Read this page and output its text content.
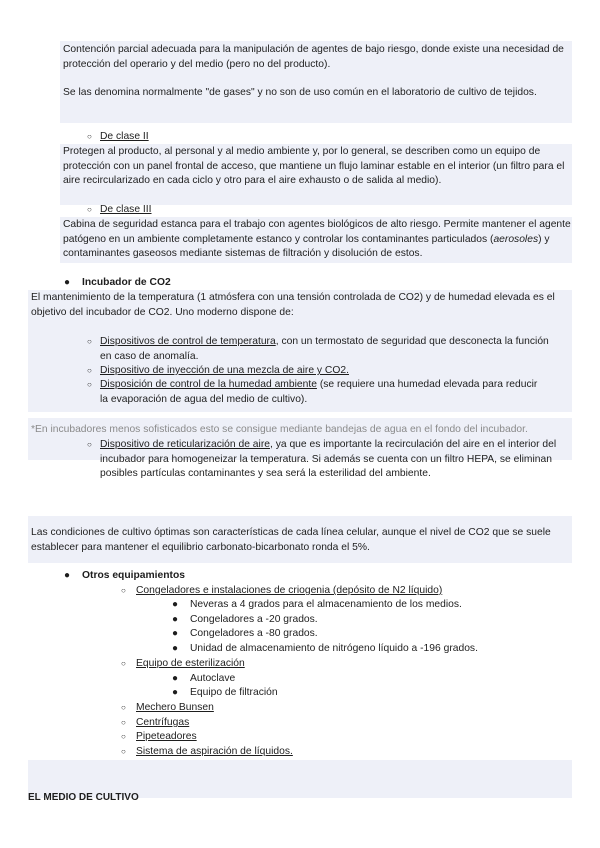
Contención parcial adecuada para la manipulación de agentes de bajo riesgo, donde existe una necesidad de protección del operario y del medio (pero no del producto).

Se las denomina normalmente "de gases" y no son de uso común en el laboratorio de cultivo de tejidos.

○ De clase II

Protegen al producto, al personal y al medio ambiente y, por lo general, se describen como un equipo de protección con un panel frontal de acceso, que mantiene un flujo laminar estable en el interior (un filtro para el aire recircularizado en cada ciclo y otro para el aire exhausto o de salida al medio).

○ De clase III

Cabina de seguridad estanca para el trabajo con agentes biológicos de alto riesgo. Permite mantener el agente patógeno en un ambiente completamente estanco y controlar los contaminantes particulados (aerosoles) y contaminantes gaseosos mediante sistemas de filtración y disolución de estos.

● Incubador de CO2

El mantenimiento de la temperatura (1 atmósfera con una tensión controlada de CO2) y de humedad elevada es el objetivo del incubador de CO2. Uno moderno dispone de:

○ Dispositivos de control de temperatura, con un termostato de seguridad que desconecta la función en caso de anomalía.

○ Dispositivo de inyección de una mezcla de aire y CO2.

○ Disposición de control de la humedad ambiente (se requiere una humedad elevada para reducir la evaporación de agua del medio de cultivo).

*En incubadores menos sofisticados esto se consigue mediante bandejas de agua en el fondo del incubador.

○ Dispositivo de reticularización de aire, ya que es importante la recirculación del aire en el interior del incubador para homogeneizar la temperatura. Si además se cuenta con un filtro HEPA, se eliminan posibles partículas contaminantes y sea será la esterilidad del ambiente.

Las condiciones de cultivo óptimas son características de cada línea celular, aunque el nivel de CO2 que se suele establecer para mantener el equilibrio carbonato-bicarbonato ronda el 5%.

● Otros equipamientos
○ Congeladores e instalaciones de criogenia (depósito de N2 líquido)
● Neveras a 4 grados para el almacenamiento de los medios.
● Congeladores a -20 grados.
● Congeladores a -80 grados.
● Unidad de almacenamiento de nitrógeno líquido a -196 grados.
○ Equipo de esterilización
● Autoclave
● Equipo de filtración
○ Mechero Bunsen
○ Centrífugas
○ Pipeteadores
○ Sistema de aspiración de líquidos.
EL MEDIO DE CULTIVO
